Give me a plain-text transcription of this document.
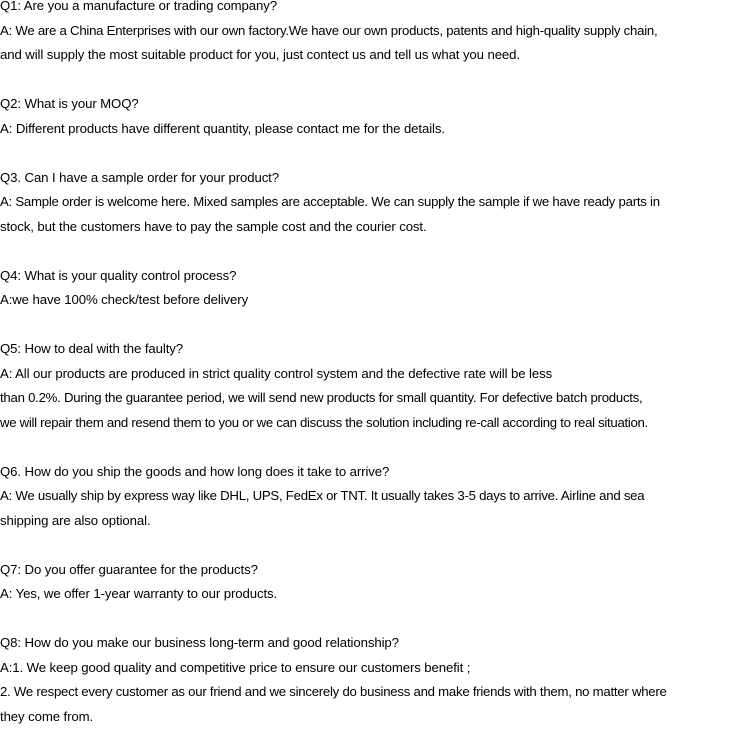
Q1: Are you a manufacture or trading company?
A: We are a China Enterprises with our own factory.We have our own products, patents and high-quality supply chain,
and will supply the most suitable product for you, just contect us and tell us what you need.
Q2: What is your MOQ?
A: Different products have different quantity, please contact me for the details.
Q3. Can I have a sample order for your product?
A: Sample order is welcome here. Mixed samples are acceptable. We can supply the sample if we have ready parts in
stock, but the customers have to pay the sample cost and the courier cost.
Q4: What is your quality control process?
A:we have 100% check/test before delivery
Q5: How to deal with the faulty?
A: All our products are produced in strict quality control system and the defective rate will be less
than 0.2%. During the guarantee period, we will send new products for small quantity. For defective batch products,
we will repair them and resend them to you or we can discuss the solution including re-call according to real situation.
Q6. How do you ship the goods and how long does it take to arrive?
A: We usually ship by express way like DHL, UPS, FedEx or TNT. It usually takes 3-5 days to arrive. Airline and sea
shipping are also optional.
Q7: Do you offer guarantee for the products?
A: Yes, we offer 1-year warranty to our products.
Q8: How do you make our business long-term and good relationship?
A:1. We keep good quality and competitive price to ensure our customers benefit ;
2. We respect every customer as our friend and we sincerely do business and make friends with them, no matter where
they come from.
